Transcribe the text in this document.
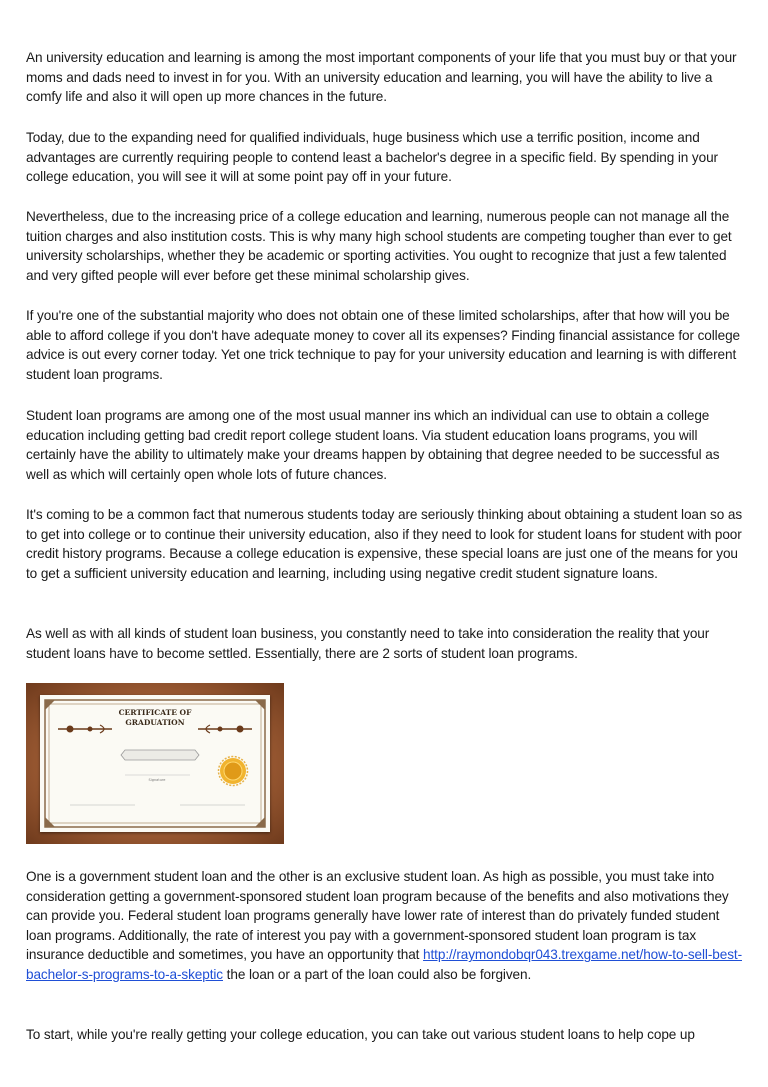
An university education and learning is among the most important components of your life that you must buy or that your moms and dads need to invest in for you. With an university education and learning, you will have the ability to live a comfy life and also it will open up more chances in the future.

Today, due to the expanding need for qualified individuals, huge business which use a terrific position, income and advantages are currently requiring people to contend least a bachelor's degree in a specific field. By spending in your college education, you will see it will at some point pay off in your future.

Nevertheless, due to the increasing price of a college education and learning, numerous people can not manage all the tuition charges and also institution costs. This is why many high school students are competing tougher than ever to get university scholarships, whether they be academic or sporting activities. You ought to recognize that just a few talented and very gifted people will ever before get these minimal scholarship gives.

If you're one of the substantial majority who does not obtain one of these limited scholarships, after that how will you be able to afford college if you don't have adequate money to cover all its expenses? Finding financial assistance for college advice is out every corner today. Yet one trick technique to pay for your university education and learning is with different student loan programs.

Student loan programs are among one of the most usual manner ins which an individual can use to obtain a college education including getting bad credit report college student loans. Via student education loans programs, you will certainly have the ability to ultimately make your dreams happen by obtaining that degree needed to be successful as well as which will certainly open whole lots of future chances.

It's coming to be a common fact that numerous students today are seriously thinking about obtaining a student loan so as to get into college or to continue their university education, also if they need to look for student loans for student with poor credit history programs. Because a college education is expensive, these special loans are just one of the means for you to get a sufficient university education and learning, including using negative credit student signature loans.

As well as with all kinds of student loan business, you constantly need to take into consideration the reality that your student loans have to become settled. Essentially, there are 2 sorts of student loan programs.

CERTIFICATE OF
GRADUATION
Signature

One is a government student loan and the other is an exclusive student loan. As high as possible, you must take into consideration getting a government-sponsored student loan program because of the benefits and also motivations they can provide you. Federal student loan programs generally have lower rate of interest than do privately funded student loan programs. Additionally, the rate of interest you pay with a government-sponsored student loan program is tax insurance deductible and sometimes, you have an opportunity that http://raymondobqr043.trexgame.net/how-to-sell-best-bachelor-s-programs-to-a-skeptic the loan or a part of the loan could also be forgiven.

To start, while you're really getting your college education, you can take out various student loans to help cope up
